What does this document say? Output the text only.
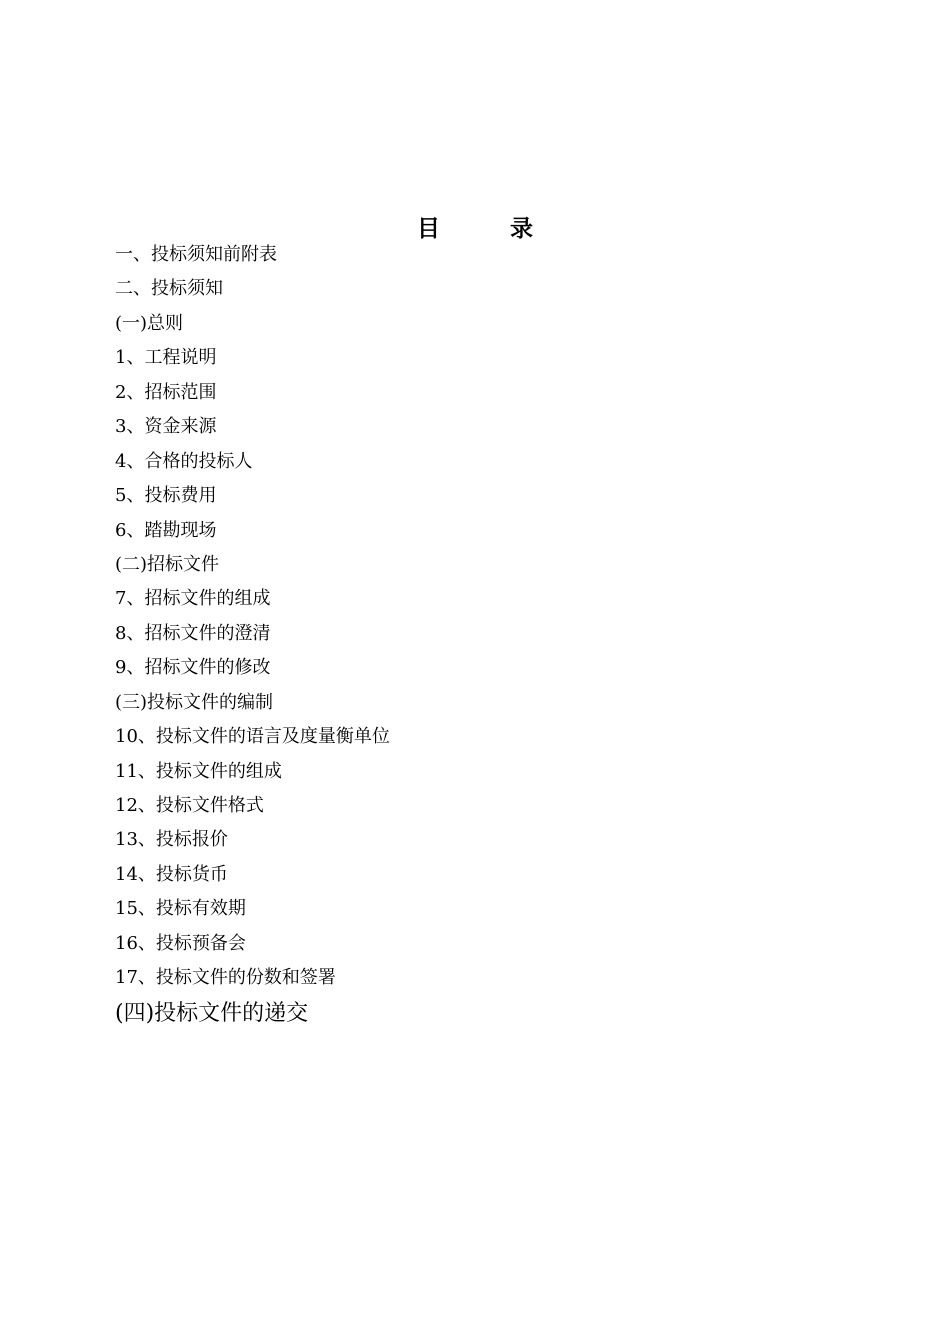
目	录
一、投标须知前附表
二、投标须知
(一)总则
1、工程说明
2、招标范围
3、资金来源
4、合格的投标人
5、投标费用
6、踏勘现场
(二)招标文件
7、招标文件的组成
8、招标文件的澄清
9、招标文件的修改
(三)投标文件的编制
10、投标文件的语言及度量衡单位
11、投标文件的组成
12、投标文件格式
13、投标报价
14、投标货币
15、投标有效期
16、投标预备会
17、投标文件的份数和签署
(四)投标文件的递交
